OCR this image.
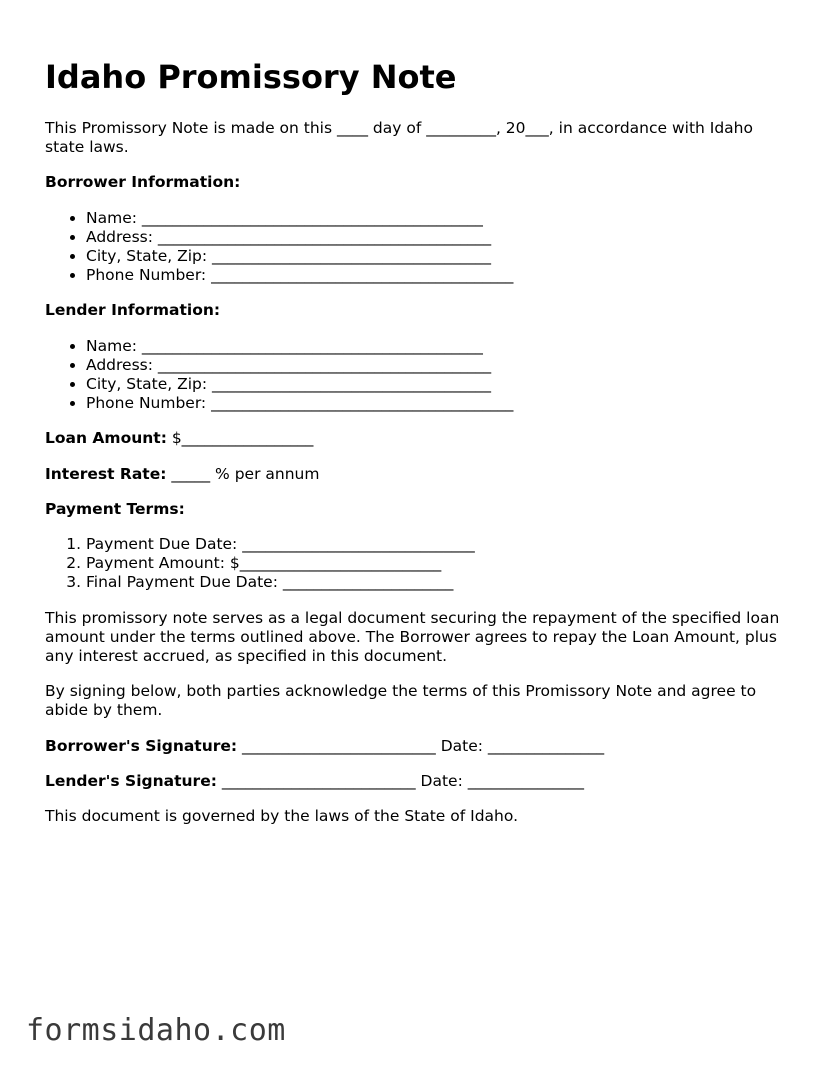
Idaho Promissory Note

This Promissory Note is made on this ____ day of _________, 20___, in accordance with Idaho state laws.

Borrower Information:

• Name: ____________________________________________
• Address: ___________________________________________
• City, State, Zip: ____________________________________
• Phone Number: _______________________________________

Lender Information:

• Name: ____________________________________________
• Address: ___________________________________________
• City, State, Zip: ____________________________________
• Phone Number: _______________________________________

Loan Amount: $_________________

Interest Rate: _____ % per annum

Payment Terms:

1. Payment Due Date: ______________________________
2. Payment Amount: $__________________________
3. Final Payment Due Date: ______________________

This promissory note serves as a legal document securing the repayment of the specified loan amount under the terms outlined above. The Borrower agrees to repay the Loan Amount, plus any interest accrued, as specified in this document.

By signing below, both parties acknowledge the terms of this Promissory Note and agree to abide by them.

Borrower's Signature: _________________________ Date: _______________

Lender's Signature: _________________________ Date: _______________

This document is governed by the laws of the State of Idaho.

formsidaho.com
